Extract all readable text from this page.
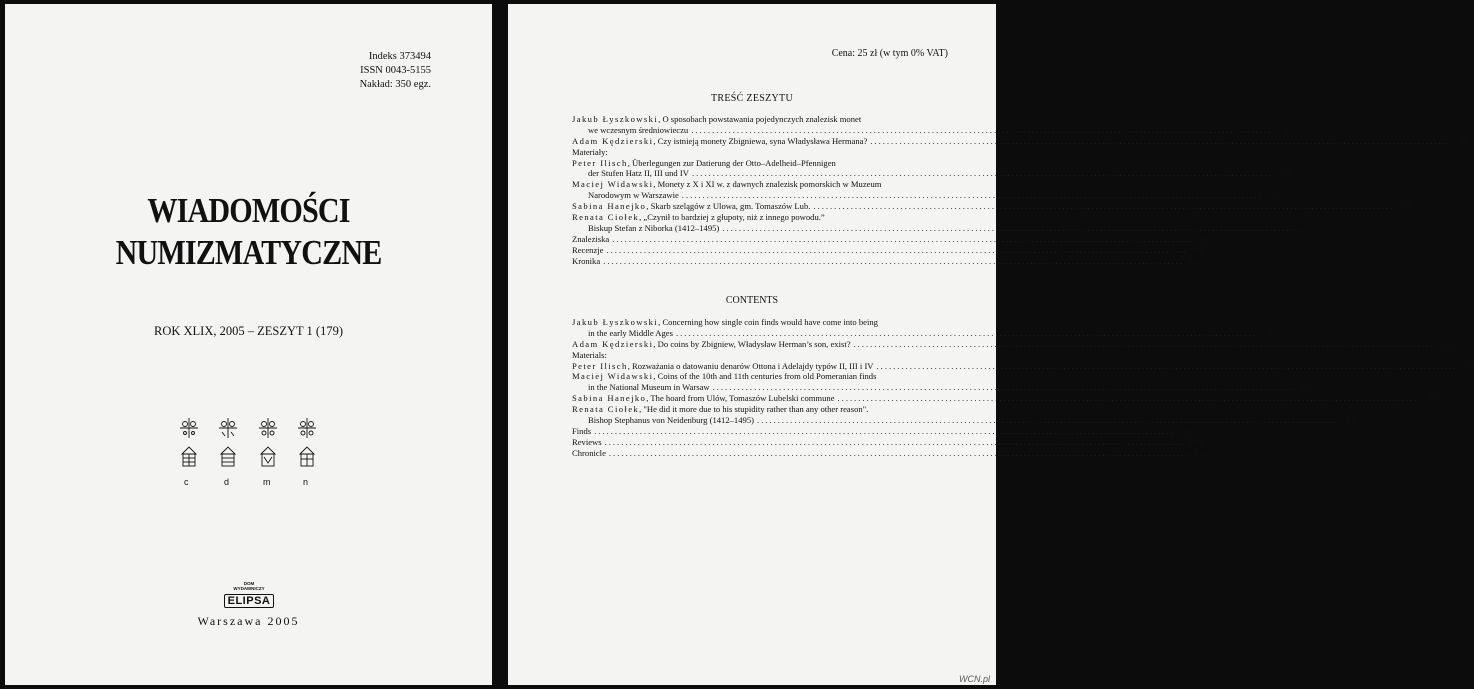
Indeks 373494
ISSN 0043-5155
Nakład: 350 egz.
WIADOMOŚCI
NUMIZMATYCZNE
ROK XLIX, 2005 – ZESZYT 1 (179)
c	d	m	n
DOM
WYDAWNICZY
ELIPSA
Warszawa 2005
Cena: 25 zł (w tym 0% VAT)
TREŚĆ ZESZYTU
Jakub Łyszkowski, O sposobach powstawania pojedynczych znalezisk monet
we wczesnym średniowieczu ............................................................................................................................................	1
Adam Kędzierski, Czy istnieją monety Zbigniewa, syna Władysława Hermana? ............................................................................................................................................ 23
Materiały:
Peter Ilisch, Überlegungen zur Datierung der Otto–Adelheid–Pfennigen
der Stufen Hatz II, III und IV ............................................................................................................................................ 39
Maciej Widawski, Monety z X i XI w. z dawnych znalezisk pomorskich w Muzeum
Narodowym w Warszawie ............................................................................................................................................ 63
Sabina Hanejko, Skarb szelągów z Ulowa, gm. Tomaszów Lub. ............................................................................................................................................ 79
Renata Ciołek, „Czynił to bardziej z głupoty, niż z innego powodu.”
Biskup Stefan z Niborka (1412–1495) ............................................................................................................................................ 91
Znaleziska ............................................................................................................................................ 97
Recenzje ............................................................................................................................................ 109
Kronika ............................................................................................................................................ 116
CONTENTS
Jakub Łyszkowski, Concerning how single coin finds would have come into being
in the early Middle Ages ............................................................................................................................................	1
Adam Kędzierski, Do coins by Zbigniew, Władysław Herman’s son, exist? ............................................................................................................................................ 23
Materials:
Peter Ilisch, Rozważania o datowaniu denarów Ottona i Adelajdy typów II, III i IV ............................................................................................................................................ 39
Maciej Widawski, Coins of the 10th and 11th centuries from old Pomeranian finds
in the National Museum in Warsaw ............................................................................................................................................ 63
Sabina Hanejko, The hoard from Ulów, Tomaszów Lubelski commune ............................................................................................................................................ 79
Renata Ciołek, "He did it more due to his stupidity rather than any other reason".
Bishop Stephanus von Neidenburg (1412–1495) ............................................................................................................................................ 91
Finds ............................................................................................................................................ 97
Reviews ............................................................................................................................................ 109
Chronicle ............................................................................................................................................ 116
WCN.pl
